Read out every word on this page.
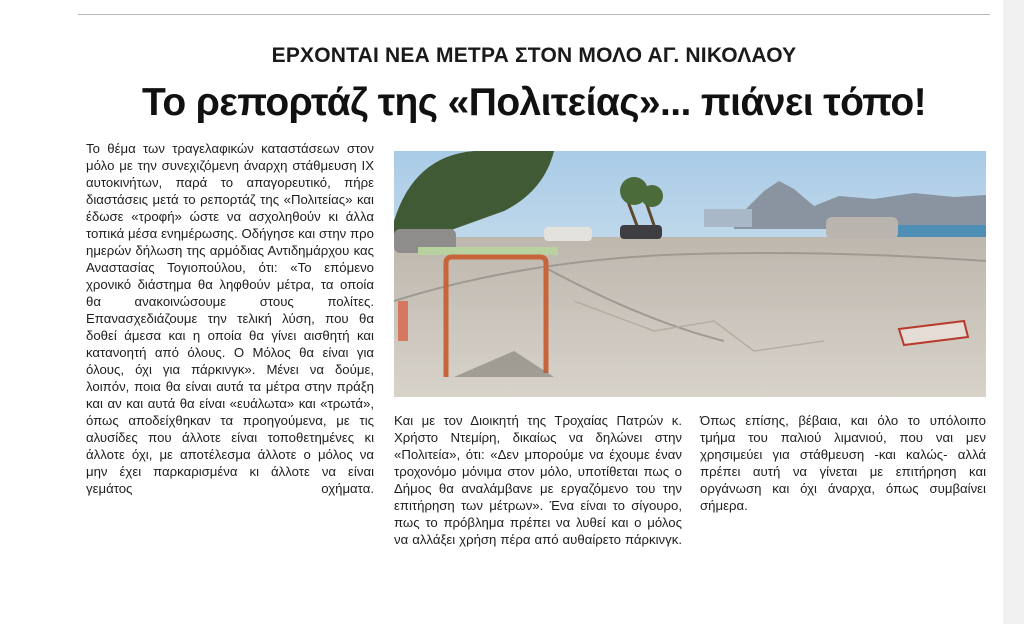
ΕΡΧΟΝΤΑΙ ΝΕΑ ΜΕΤΡΑ ΣΤΟΝ ΜΟΛΟ ΑΓ. ΝΙΚΟΛΑΟΥ
Το ρεπορτάζ της «Πολιτείας»... πιάνει τόπο!

Το θέμα των τραγελαφικών καταστάσεων στον μόλο με την συνεχιζόμενη άναρχη στάθμευση ΙΧ αυτοκινήτων, παρά το απαγορευτικό, πήρε διαστάσεις μετά το ρεπορτάζ της «Πολιτείας» και έδωσε «τροφή» ώστε να ασχοληθούν κι άλλα τοπικά μέσα ενημέρωσης. Οδήγησε και στην προ ημερών δήλωση της αρμόδιας Αντιδημάρχου κας Αναστασίας Τογιοπούλου, ότι: «Το επόμενο χρονικό διάστημα θα ληφθούν μέτρα, τα οποία θα ανακοινώσουμε στους πολίτες. Επανασχεδιάζουμε την τελική λύση, που θα δοθεί άμεσα και η οποία θα γίνει αισθητή και κατανοητή από όλους. Ο Μόλος θα είναι για όλους, όχι για πάρκινγκ». Μένει να δούμε, λοιπόν, ποια θα είναι αυτά τα μέτρα στην πράξη και αν και αυτά θα είναι «ευάλωτα» και «τρωτά», όπως αποδείχθηκαν τα προηγούμενα, με τις αλυσίδες που άλλοτε είναι τοποθετημένες κι άλλοτε όχι, με αποτέλεσμα άλλοτε ο μόλος να μην έχει παρκαρισμένα κι άλλοτε να είναι γεμάτος οχήματα.

Και με τον Διοικητή της Τροχαίας Πατρών κ. Χρήστο Ντεμίρη, δικαίως να δηλώνει στην «Πολιτεία», ότι: «Δεν μπορούμε να έχουμε έναν τροχονόμο μόνιμα στον μόλο, υποτίθεται πως ο Δήμος θα αναλάμβανε με εργαζόμενο του την επιτήρηση των μέτρων». Ένα είναι το σίγουρο, πως το πρόβλημα πρέπει να λυθεί και ο μόλος να αλλάξει χρήση πέρα από αυθαίρετο πάρκινγκ.

Όπως επίσης, βέβαια, και όλο το υπόλοιπο τμήμα του παλιού λιμανιού, που ναι μεν χρησιμεύει για στάθμευση -και καλώς- αλλά πρέπει αυτή να γίνεται με επιτήρηση και οργάνωση και όχι άναρχα, όπως συμβαίνει σήμερα.
